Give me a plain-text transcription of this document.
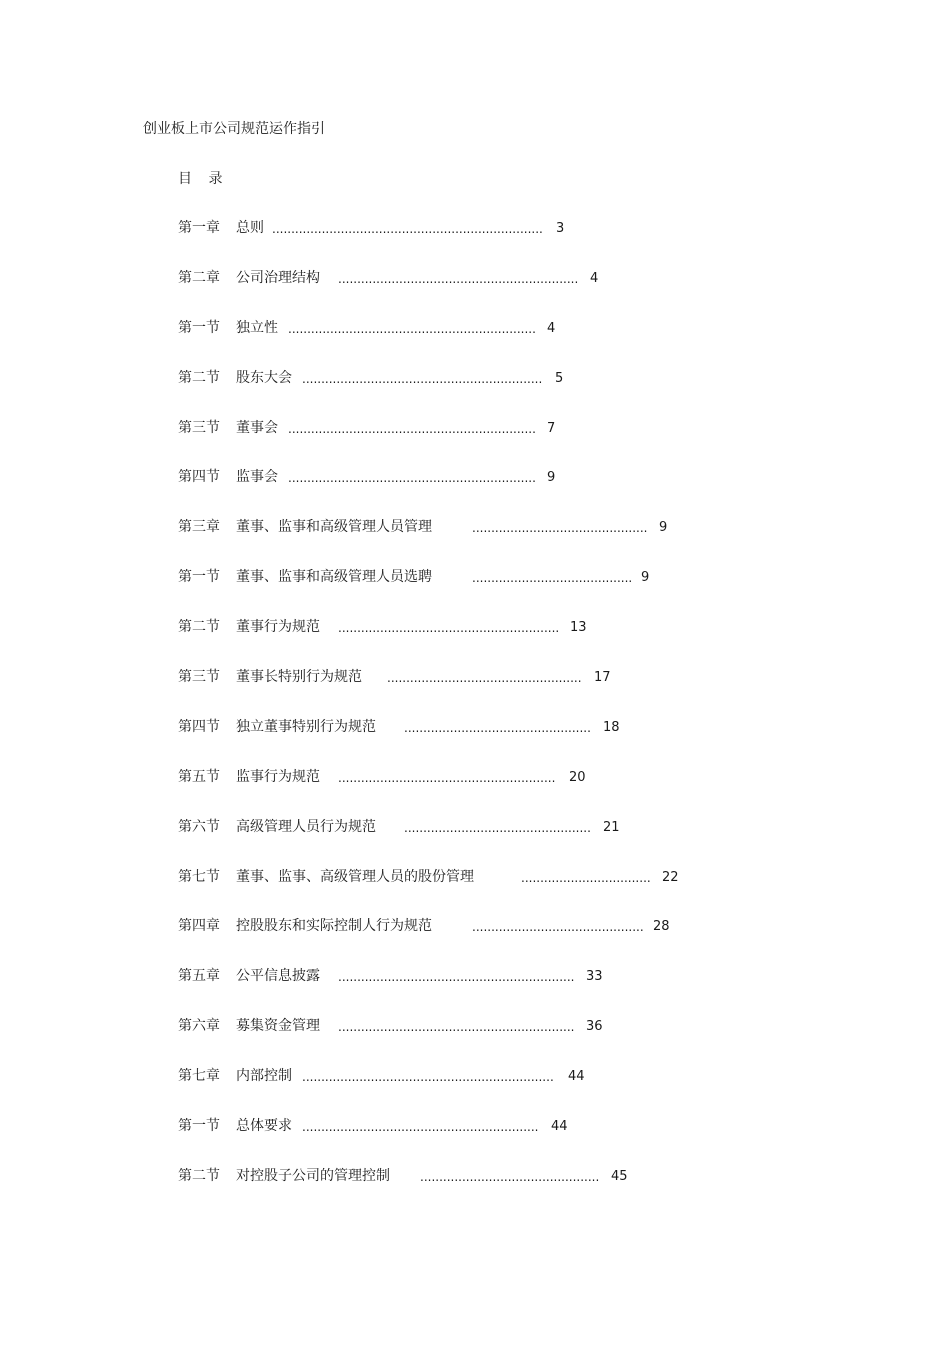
创业板上市公司规范运作指引
目 录
第一章 总则 .......................................................................	3
第二章 公司治理结构 ............................................................... 4
第一节 独立性 ................................................................. 4
第二节 股东大会 ............................................................... 5
第三节 董事会 ................................................................. 7
第四节 监事会 ................................................................. 9
第三章 董事、监事和高级管理人员管理	.............................................. 9
第一节 董事、监事和高级管理人员选聘	.......................................... 9
第二节 董事行为规范 .......................................................... 13
第三节 董事长特别行为规范 ................................................... 17
第四节 独立董事特别行为规范 ................................................. 18
第五节 监事行为规范 .........................................................	20
第六节 高级管理人员行为规范 ................................................. 21
第七节 董事、监事、高级管理人员的股份管理	.................................. 22
第四章 控股股东和实际控制人行为规范	............................................. 28
第五章 公平信息披露 .............................................................. 33
第六章 募集资金管理 .............................................................. 36
第七章 内部控制 ..................................................................	44
第一节 总体要求 .............................................................. 44
第二节 对控股子公司的管理控制	............................................... 45
